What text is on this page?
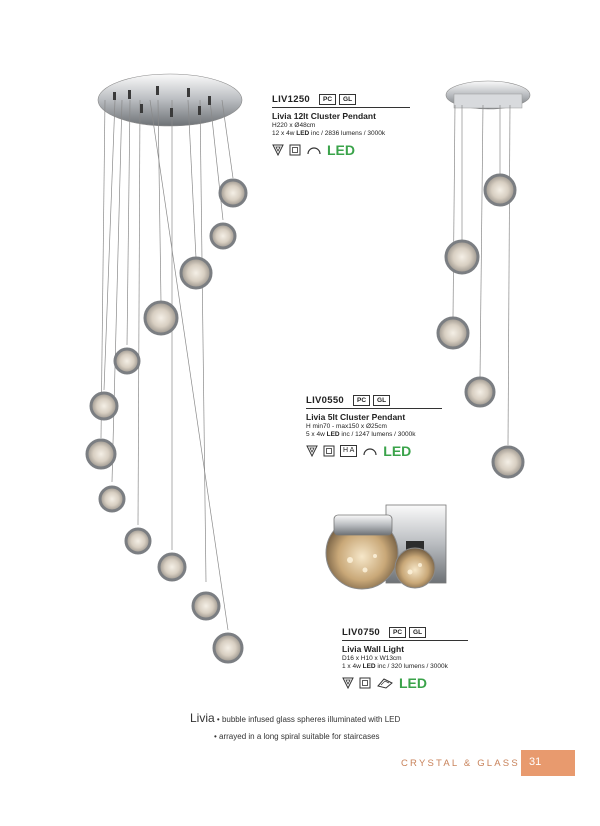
LIV1250	PC	GL
Livia 12lt Cluster Pendant
H220 x Ø48cm
12 x 4w LED inc / 2836 lumens / 3000k
LED
LIV0550	PC	GL
Livia 5lt Cluster Pendant
H min70 - max150 x Ø25cm
5 x 4w LED inc / 1247 lumens / 3000k
H A LED
LIV0750	PC	GL
Livia Wall Light
D16 x H10 x W13cm
1 x 4w LED inc / 320 lumens / 3000k
LED
Livia • bubble infused glass spheres illuminated with LED
• arrayed in a long spiral suitable for staircases
CRYSTAL & GLASS 31
